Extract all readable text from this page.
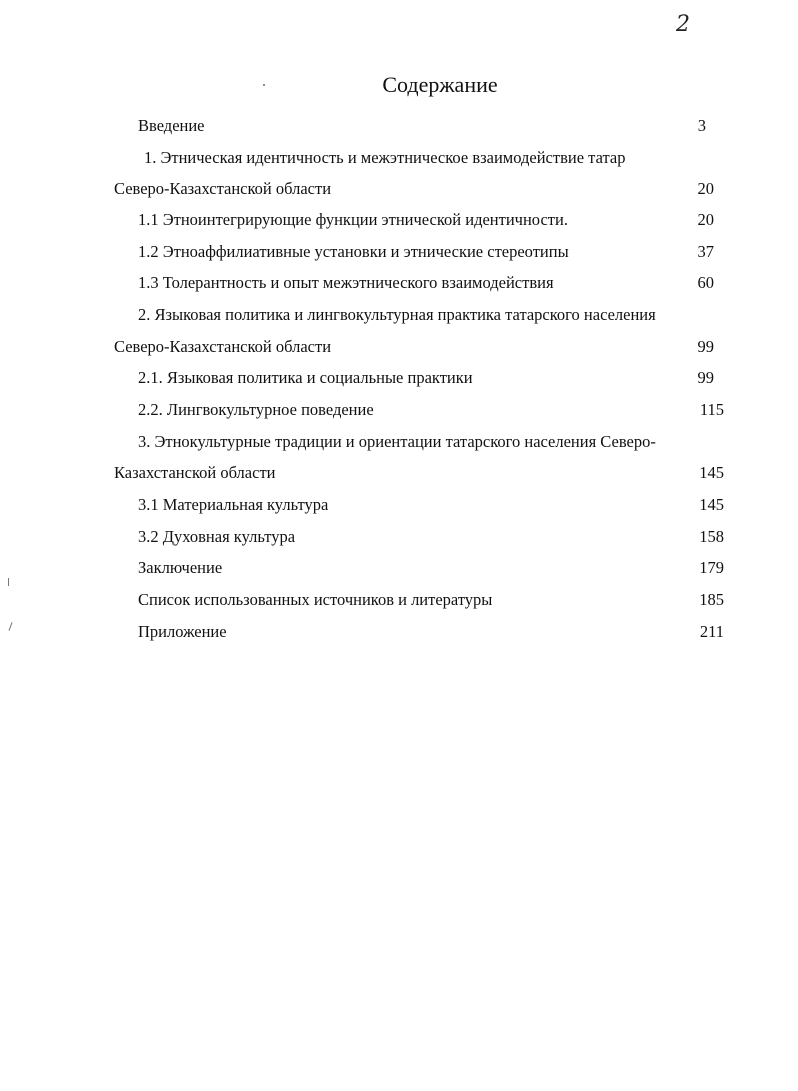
2
Содержание
Введение	3
1. Этническая идентичность и межэтническое взаимодействие татар
Северо-Казахстанской области	20
1.1 Этноинтегрирующие функции этнической идентичности.	20
1.2 Этноаффилиативные установки и этнические стереотипы	37
1.3 Толерантность и опыт межэтнического взаимодействия	60
2. Языковая политика и лингвокультурная практика татарского населения
Северо-Казахстанской области	99
2.1. Языковая политика и социальные практики	99
2.2. Лингвокультурное поведение	115
3. Этнокультурные традиции и ориентации татарского населения Северо-
Казахстанской области	145
3.1 Материальная культура	145
3.2 Духовная культура	158
Заключение	179
Список использованных источников и литературы	185
Приложение	211
